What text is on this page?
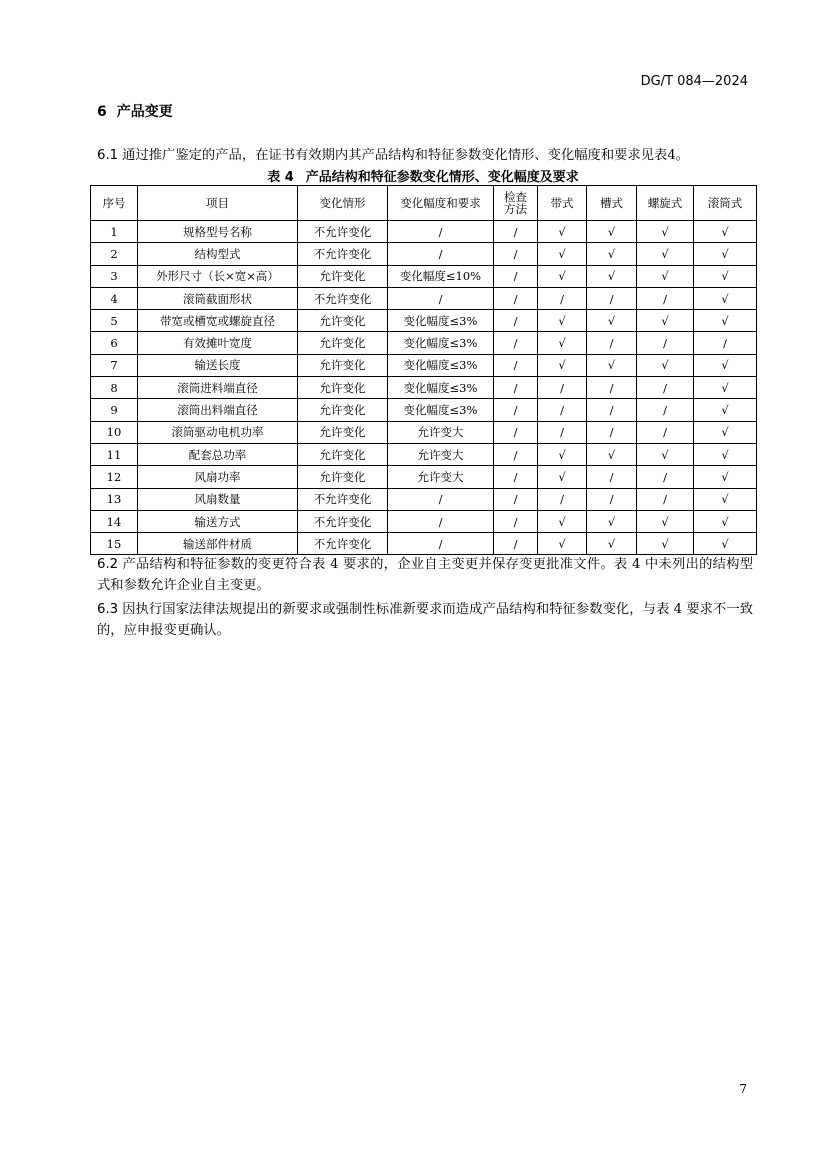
DG/T 084—2024
6 产品变更
6.1 通过推广鉴定的产品，在证书有效期内其产品结构和特征参数变化情形、变化幅度和要求见表4。
表 4 产品结构和特征参数变化情形、变化幅度及要求
序号	项目	变化情形	变化幅度和要求	检查方法	带式	槽式	螺旋式	滚筒式
1	规格型号名称	不允许变化	/	/	√	√	√	√
2	结构型式	不允许变化	/	/	√	√	√	√
3	外形尺寸（长×宽×高）	允许变化	变化幅度≤10%	/	√	√	√	√
4	滚筒截面形状	不允许变化	/	/	/	/	/	√
5	带宽或槽宽或螺旋直径	允许变化	变化幅度≤3%	/	√	√	√	√
6	有效摊叶宽度	允许变化	变化幅度≤3%	/	√	/	/	/
7	输送长度	允许变化	变化幅度≤3%	/	√	√	√	√
8	滚筒进料端直径	允许变化	变化幅度≤3%	/	/	/	/	√
9	滚筒出料端直径	允许变化	变化幅度≤3%	/	/	/	/	√
10	滚筒驱动电机功率	允许变化	允许变大	/	/	/	/	√
11	配套总功率	允许变化	允许变大	/	√	√	√	√
12	风扇功率	允许变化	允许变大	/	√	/	/	√
13	风扇数量	不允许变化	/	/	/	/	/	√
14	输送方式	不允许变化	/	/	√	√	√	√
15	输送部件材质	不允许变化	/	/	√	√	√	√
6.2 产品结构和特征参数的变更符合表 4 要求的，企业自主变更并保存变更批准文件。表 4 中未列出的结构型式和参数允许企业自主变更。
6.3 因执行国家法律法规提出的新要求或强制性标准新要求而造成产品结构和特征参数变化，与表 4 要求不一致的，应申报变更确认。
7
